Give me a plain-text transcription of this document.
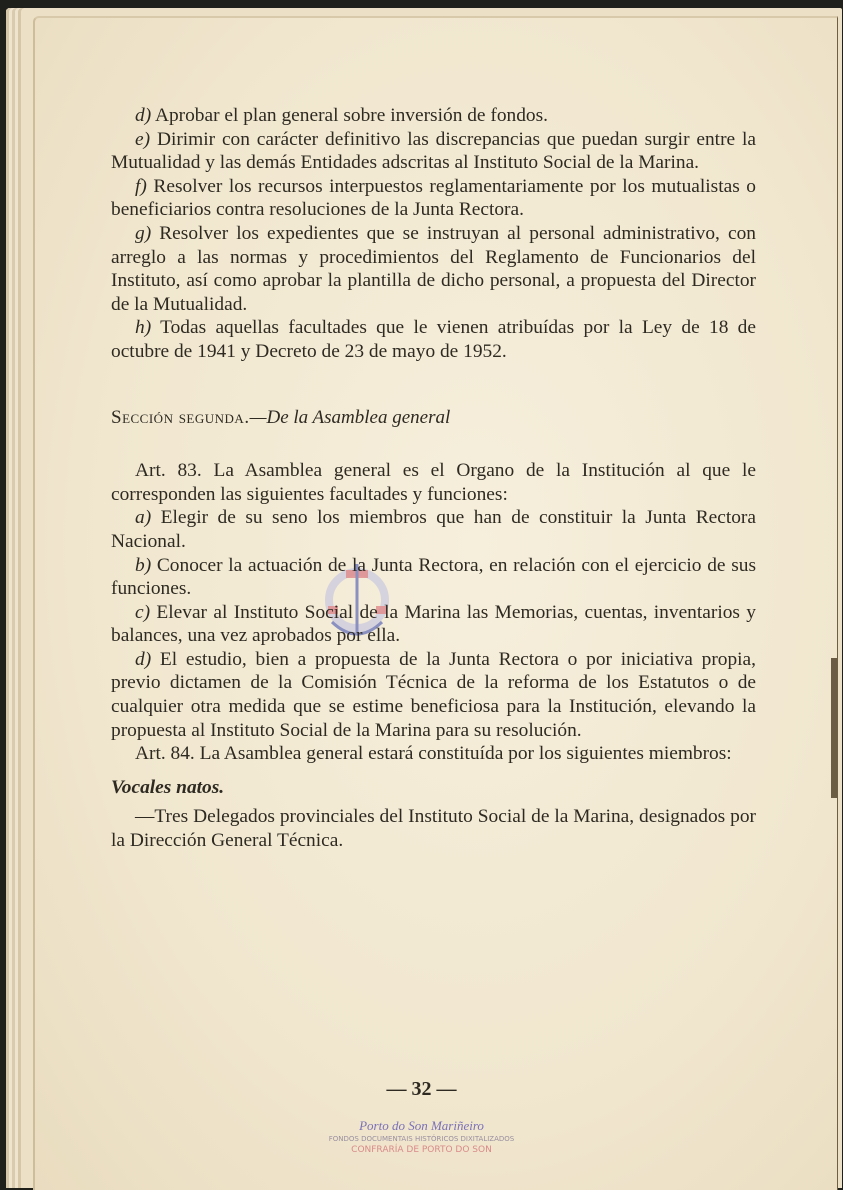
d) Aprobar el plan general sobre inversión de fondos.

e) Dirimir con carácter definitivo las discrepancias que puedan surgir entre la Mutualidad y las demás Entidades adscritas al Instituto Social de la Marina.

f) Resolver los recursos interpuestos reglamentariamente por los mutualistas o beneficiarios contra resoluciones de la Junta Rectora.

g) Resolver los expedientes que se instruyan al personal administrativo, con arreglo a las normas y procedimientos del Reglamento de Funcionarios del Instituto, así como aprobar la plantilla de dicho personal, a propuesta del Director de la Mutualidad.

h) Todas aquellas facultades que le vienen atribuídas por la Ley de 18 de octubre de 1941 y Decreto de 23 de mayo de 1952.

Sección segunda.—De la Asamblea general

Art. 83. La Asamblea general es el Organo de la Institución al que le corresponden las siguientes facultades y funciones:

a) Elegir de su seno los miembros que han de constituir la Junta Rectora Nacional.

b) Conocer la actuación de la Junta Rectora, en relación con el ejercicio de sus funciones.

c) Elevar al Instituto Social de la Marina las Memorias, cuentas, inventarios y balances, una vez aprobados por ella.

d) El estudio, bien a propuesta de la Junta Rectora o por iniciativa propia, previo dictamen de la Comisión Técnica de la reforma de los Estatutos o de cualquier otra medida que se estime beneficiosa para la Institución, elevando la propuesta al Instituto Social de la Marina para su resolución.

Art. 84. La Asamblea general estará constituída por los siguientes miembros:

Vocales natos.

—Tres Delegados provinciales del Instituto Social de la Marina, designados por la Dirección General Técnica.

— 32 —
Porto do Son Mariñeiro
FONDOS DOCUMENTAIS HISTÓRICOS DIXITALIZADOS
CONFRARÍA DE PORTO DO SON
